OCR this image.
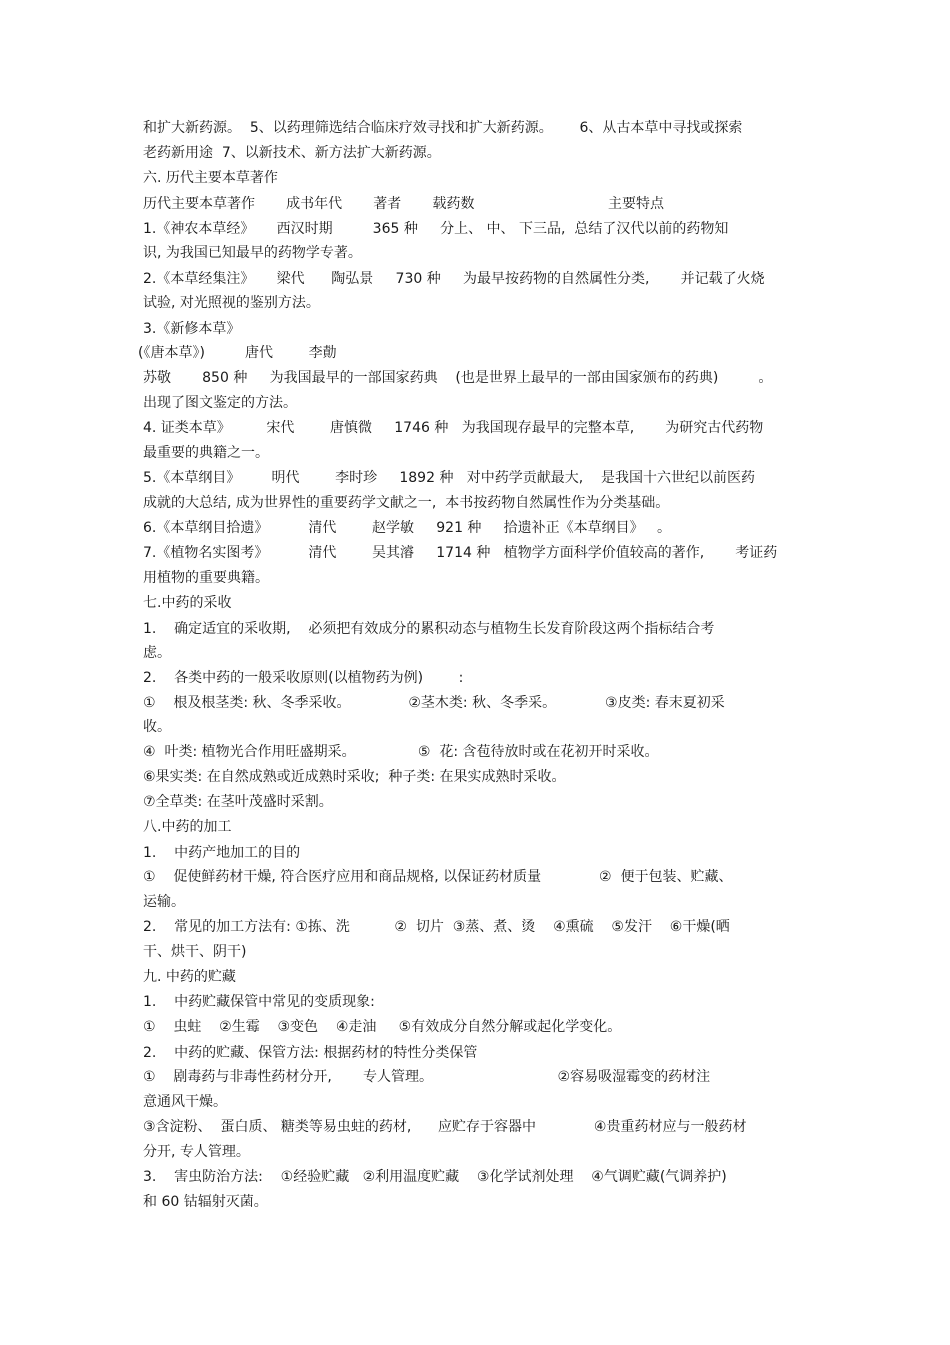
和扩大新药源。  5、以药理筛选结合临床疗效寻找和扩大新药源。      6、从古本草中寻找或探索
老药新用途  7、以新技术、新方法扩大新药源。
六. 历代主要本草著作
历代主要本草著作       成书年代       著者       载药数                              主要特点
1.《神农本草经》     西汉时期         365 种     分上、 中、 下三品,  总结了汉代以前的药物知
识, 为我国已知最早的药物学专著。
2.《本草经集注》     梁代      陶弘景     730 种     为最早按药物的自然属性分类,       并记载了火烧
试验, 对光照视的鉴别方法。
3.《新修本草》
(《唐本草》)         唐代        李勣
苏敬       850 种     为我国最早的一部国家药典    (也是世界上最早的一部由国家颁布的药典)         。
出现了图文鉴定的方法。
4. 证类本草》        宋代        唐慎微     1746 种   为我国现存最早的完整本草,       为研究古代药物
最重要的典籍之一。
5.《本草纲目》       明代        李时珍     1892 种   对中药学贡献最大,    是我国十六世纪以前医药
成就的大总结, 成为世界性的重要药学文献之一,  本书按药物自然属性作为分类基础。
6.《本草纲目拾遗》         清代        赵学敏     921 种     拾遗补正《本草纲目》   。
7.《植物名实图考》         清代        吴其濬     1714 种   植物学方面科学价值较高的著作,       考证药
用植物的重要典籍。
七.中药的采收
1.    确定适宜的采收期,    必须把有效成分的累积动态与植物生长发育阶段这两个指标结合考
虑。
2.    各类中药的一般采收原则(以植物药为例)        :
①    根及根茎类: 秋、冬季采收。             ②茎木类: 秋、冬季采。           ③皮类: 春末夏初采
收。
④  叶类: 植物光合作用旺盛期采。              ⑤  花: 含苞待放时或在花初开时采收。
⑥果实类: 在自然成熟或近成熟时采收;  种子类: 在果实成熟时采收。
⑦全草类: 在茎叶茂盛时采割。
八.中药的加工
1.    中药产地加工的目的
①    促使鲜药材干燥, 符合医疗应用和商品规格, 以保证药材质量             ②  便于包装、贮藏、
运输。
2.    常见的加工方法有: ①拣、洗          ②  切片  ③蒸、煮、烫    ④熏硫    ⑤发汗    ⑥干燥(晒
干、烘干、阴干)
九. 中药的贮藏
1.    中药贮藏保管中常见的变质现象:
①    虫蛀    ②生霉    ③变色    ④走油     ⑤有效成分自然分解或起化学变化。
2.    中药的贮藏、保管方法: 根据药材的特性分类保管
①    剧毒药与非毒性药材分开,       专人管理。                            ②容易吸湿霉变的药材注
意通风干燥。
③含淀粉、  蛋白质、 糖类等易虫蛀的药材,      应贮存于容器中             ④贵重药材应与一般药材
分开, 专人管理。
3.    害虫防治方法:    ①经验贮藏   ②利用温度贮藏    ③化学试剂处理    ④气调贮藏(气调养护)
和 60 钴辐射灭菌。
